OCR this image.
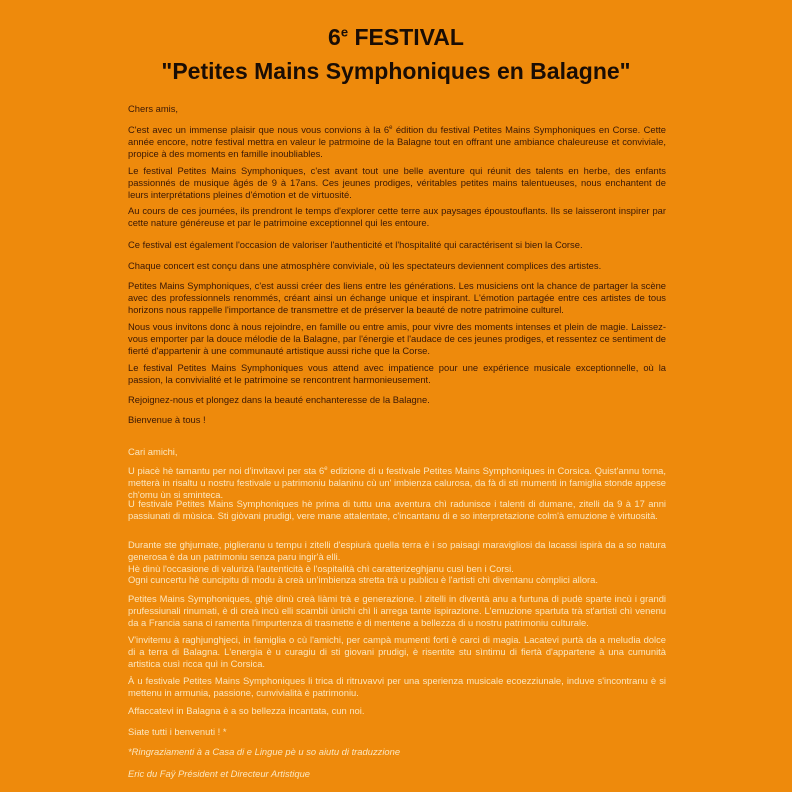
6e FESTIVAL
"Petites Mains Symphoniques en Balagne"

Chers amis,

C'est avec un immense plaisir que nous vous convions à la 6e édition du festival Petites Mains Symphoniques en Corse. Cette année encore, notre festival mettra en valeur le patrmoine de la Balagne tout en offrant une ambiance chaleureuse et conviviale, propice à des moments en famille inoubliables.

Le festival Petites Mains Symphoniques, c'est avant tout une belle aventure qui réunit des talents en herbe, des enfants passionnés de musique âgés de 9 à 17ans. Ces jeunes prodiges, véritables petites mains talentueuses, nous enchantent de leurs interprétations pleines d'émotion et de virtuosité.

Au cours de ces journées, ils prendront le temps d'explorer cette terre aux paysages époustouflants. Ils se laisseront inspirer par cette nature généreuse et par le patrimoine exceptionnel qui les entoure.

Ce festival est également l'occasion de valoriser l'authenticité et l'hospitalité qui caractérisent si bien la Corse.

Chaque concert est conçu dans une atmosphère conviviale, où les spectateurs deviennent complices des artistes.

Petites Mains Symphoniques, c'est aussi créer des liens entre les générations. Les musiciens ont la chance de partager la scène avec des professionnels renommés, créant ainsi un échange unique et inspirant. L'émotion partagée entre ces artistes de tous horizons nous rappelle l'importance de transmettre et de préserver la beauté de notre patrimoine culturel.

Nous vous invitons donc à nous rejoindre, en famille ou entre amis, pour vivre des moments intenses et plein de magie. Laissez-vous emporter par la douce mélodie de la Balagne, par l'énergie et l'audace de ces jeunes prodiges, et ressentez ce sentiment de fierté d'appartenir à une communauté artistique aussi riche que la Corse.

Le festival Petites Mains Symphoniques vous attend avec impatience pour une expérience musicale exceptionnelle, où la passion, la convivialité et le patrimoine se rencontrent harmonieusement.

Rejoignez-nous et plongez dans la beauté enchanteresse de la Balagne.

Bienvenue à tous !

Cari amichi,

U piacè hè tamantu per noi d'invitavvi per sta 6e edizione di u festivale Petites Mains Symphoniques in Corsica. Quist'annu torna, metterà in risaltu u nostru festivale u patrimoniu balaninu cù un' imbienza calurosa, da fà di sti mumenti in famiglia stonde appese ch'omu ùn si sminteca.

U festivale Petites Mains Symphoniques hè prima di tuttu una aventura chì radunisce i talenti di dumane, zitelli da 9 à 17 anni passiunati di mùsica. Sti giòvani prudigi, vere mane attalentate, c'incantanu di e so interpretazione colm'à emuzione è virtuosità.

Durante ste ghjurnate, piglieranu u tempu i zitelli d'espiurà quella terra è i so paisagi maravigliosi da lacassi ispirà da a so natura generosa è da un patrimoniu senza paru ingir'à elli.
Hè dinù l'occasione di valurizà l'autenticità è l'ospitalità chì caratterizeghjanu cusì ben i Corsi.
Ogni cuncertu hè cuncipitu di modu à creà un'imbienza stretta trà u publicu è l'artisti chì diventanu còmplici allora.

Petites Mains Symphoniques, ghjè dinù creà liàmi trà e generazione. I zitelli in diventà anu a furtuna di pudè sparte incù i grandi prufessiunali rinumati, è di creà incù elli scambii ùnichi chì li arrega tante ispirazione. L'emuzione spartuta trà st'artisti chì venenu da a Francia sana ci ramenta l'impurtenza di trasmette è di mentene a bellezza di u nostru patrimoniu culturale.

V'invitemu à raghjunghjeci, in famiglia o cù l'amichi, per campà mumenti forti è carci di magia. Lacatevi purtà da a meludia dolce di a terra di Balagna. L'energia è u curagiu di sti giovani prudigi, è risentite stu sìntimu di fiertà d'appartene à una cumunità artistica cusì ricca quì in Corsica.

À u festivale Petites Mains Symphoniques li trica di ritruvavvi per una sperienza musicale ecoezziunale, induve s'incontranu è si mettenu in armunia, passione, cunvivialità è patrimoniu.

Affaccatevi in Balagna è a so bellezza incantata, cun noi.

Siate tutti i benvenuti ! *

*Ringraziamenti à a Casa di e Lingue pè u so aiutu di traduzzione

Eric du Faÿ Président et Directeur Artistique
